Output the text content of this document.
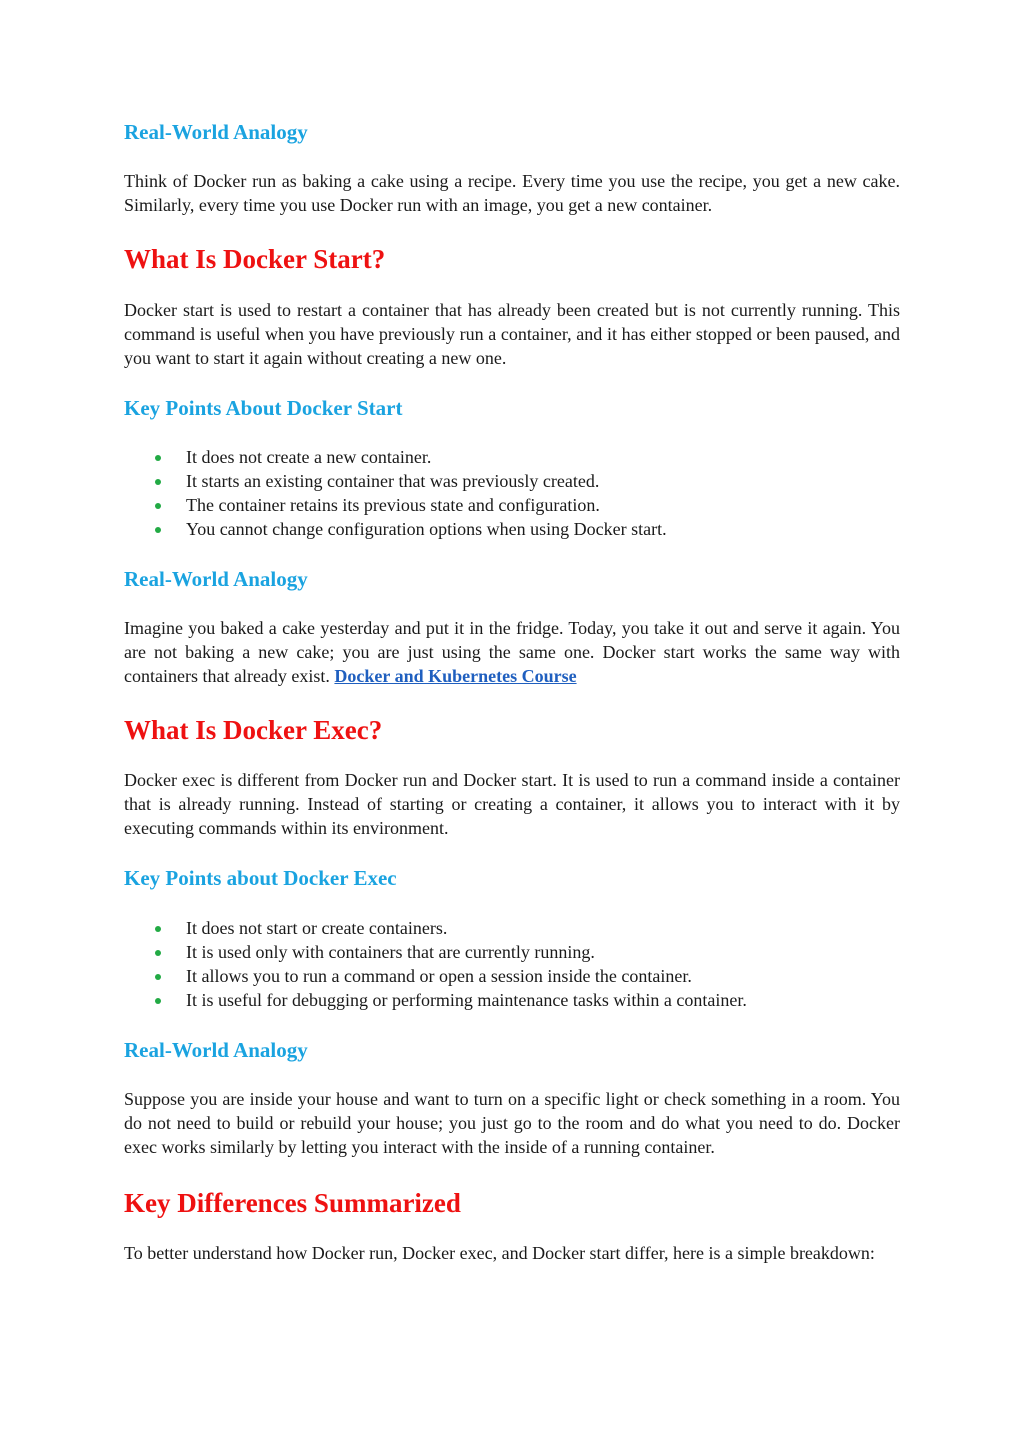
Real-World Analogy

Think of Docker run as baking a cake using a recipe. Every time you use the recipe, you get a new cake. Similarly, every time you use Docker run with an image, you get a new container.

What Is Docker Start?

Docker start is used to restart a container that has already been created but is not currently running. This command is useful when you have previously run a container, and it has either stopped or been paused, and you want to start it again without creating a new one.

Key Points About Docker Start
It does not create a new container.
It starts an existing container that was previously created.
The container retains its previous state and configuration.
You cannot change configuration options when using Docker start.
Real-World Analogy

Imagine you baked a cake yesterday and put it in the fridge. Today, you take it out and serve it again. You are not baking a new cake; you are just using the same one. Docker start works the same way with containers that already exist. Docker and Kubernetes Course

What Is Docker Exec?

Docker exec is different from Docker run and Docker start. It is used to run a command inside a container that is already running. Instead of starting or creating a container, it allows you to interact with it by executing commands within its environment.

Key Points about Docker Exec
It does not start or create containers.
It is used only with containers that are currently running.
It allows you to run a command or open a session inside the container.
It is useful for debugging or performing maintenance tasks within a container.
Real-World Analogy

Suppose you are inside your house and want to turn on a specific light or check something in a room. You do not need to build or rebuild your house; you just go to the room and do what you need to do. Docker exec works similarly by letting you interact with the inside of a running container.

Key Differences Summarized

To better understand how Docker run, Docker exec, and Docker start differ, here is a simple breakdown:
